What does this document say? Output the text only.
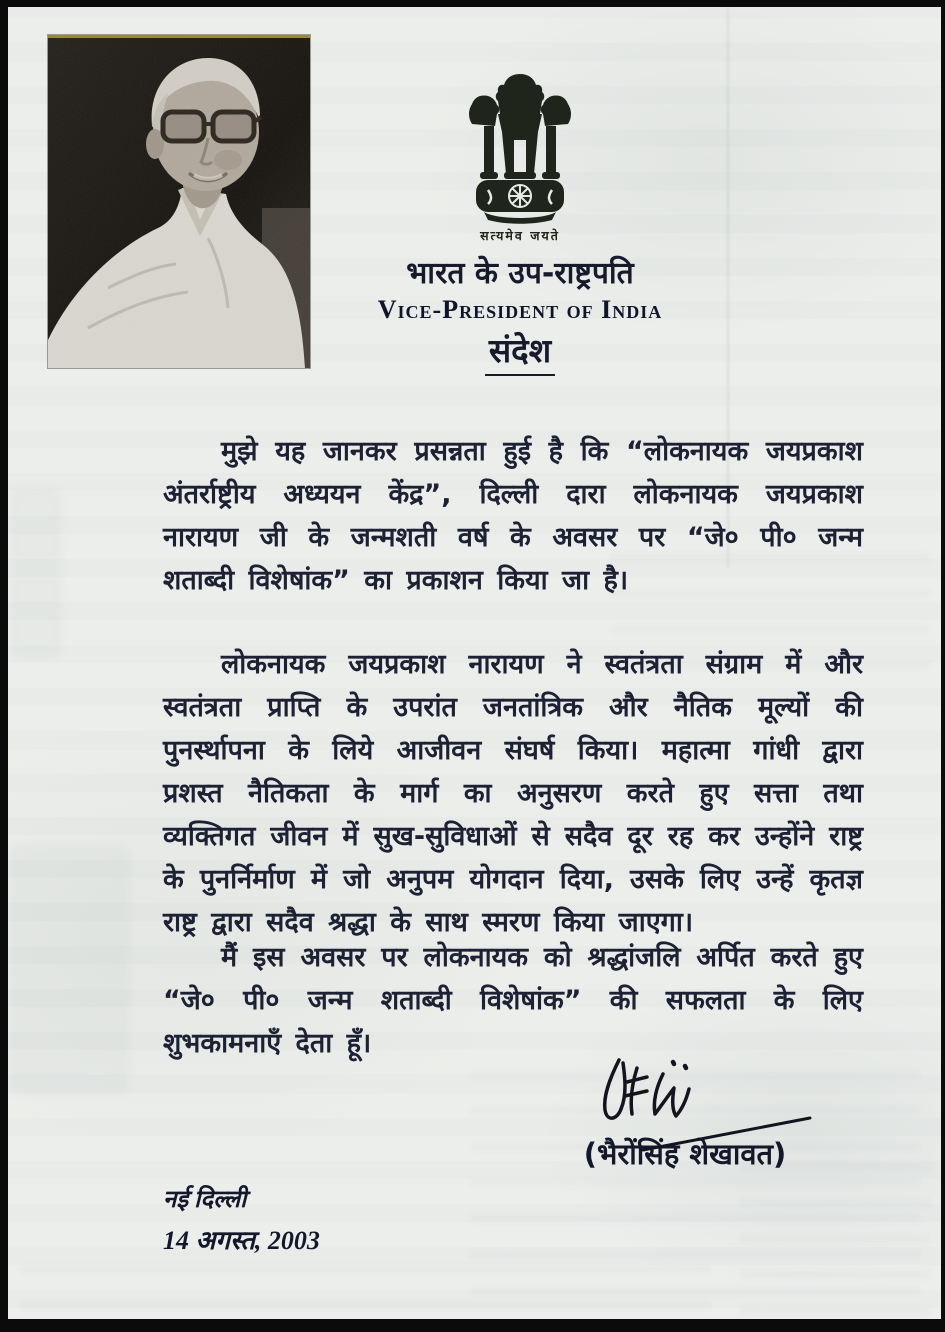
सत्यमेव जयते
भारत के उप-राष्ट्रपति
Vice-President of India
संदेश
मुझे यह जानकर प्रसन्नता हुई है कि “लोकनायक जयप्रकाश अंतर्राष्ट्रीय अध्ययन केंद्र”, दिल्ली दारा लोकनायक जयप्रकाश नारायण जी के जन्मशती वर्ष के अवसर पर “जे० पी० जन्म शताब्दी विशेषांक” का प्रकाशन किया जा है।
लोकनायक जयप्रकाश नारायण ने स्वतंत्रता संग्राम में और स्वतंत्रता प्राप्ति के उपरांत जनतांत्रिक और नैतिक मूल्यों की पुनर्स्थापना के लिये आजीवन संघर्ष किया। महात्मा गांधी द्वारा प्रशस्त नैतिकता के मार्ग का अनुसरण करते हुए सत्ता तथा व्यक्तिगत जीवन में सुख-सुविधाओं से सदैव दूर रह कर उन्होंने राष्ट्र के पुनर्निर्माण में जो अनुपम योगदान दिया, उसके लिए उन्हें कृतज्ञ राष्ट्र द्वारा सदैव श्रद्धा के साथ स्मरण किया जाएगा।
मैं इस अवसर पर लोकनायक को श्रद्धांजलि अर्पित करते हुए “जे० पी० जन्म शताब्दी विशेषांक” की सफलता के लिए शुभकामनाएँ देता हूँ।
(भैरोंसिंह शेखावत)
नई दिल्ली
14 अगस्त, 2003
